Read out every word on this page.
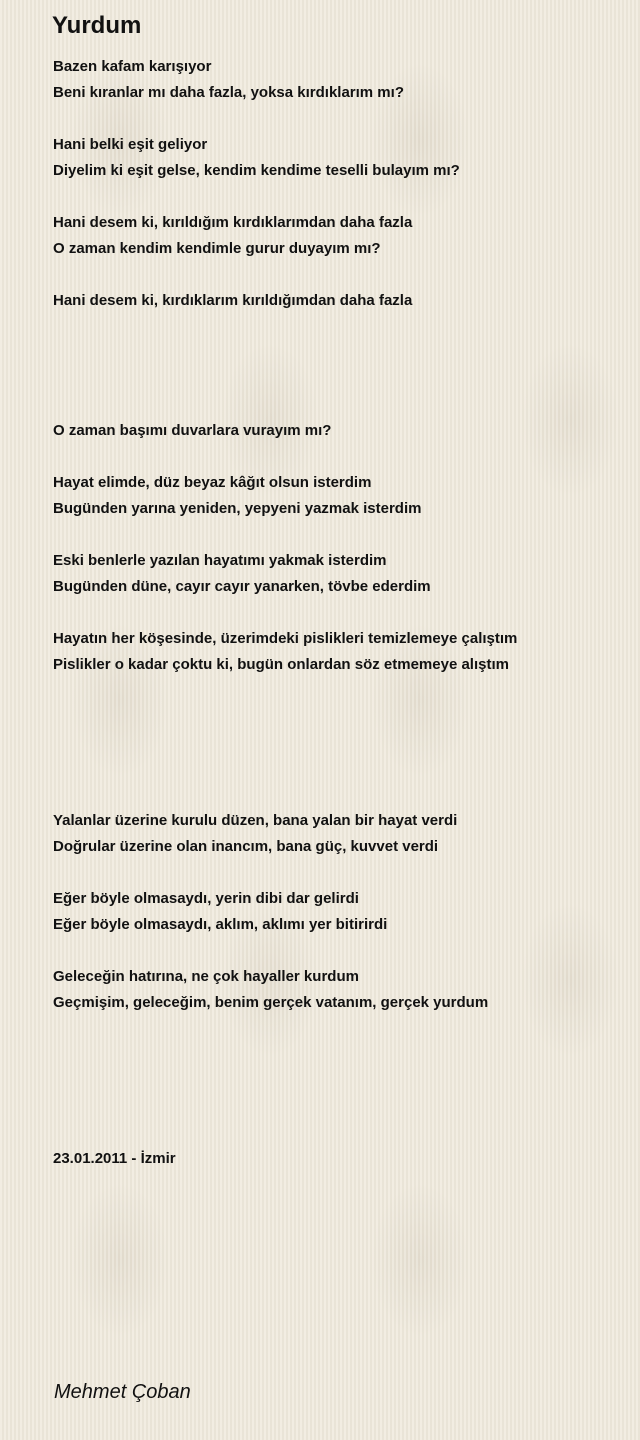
Yurdum
Bazen kafam karışıyor
Beni kıranlar mı daha fazla, yoksa kırdıklarım mı?
Hani belki eşit geliyor
Diyelim ki eşit gelse, kendim kendime teselli bulayım mı?
Hani desem ki, kırıldığım kırdıklarımdan daha fazla
O zaman kendim kendimle gurur duyayım mı?
Hani desem ki, kırdıklarım kırıldığımdan daha fazla
O zaman başımı duvarlara vurayım mı?
Hayat elimde, düz beyaz kâğıt olsun isterdim
Bugünden yarına yeniden, yepyeni yazmak isterdim
Eski benlerle yazılan hayatımı yakmak isterdim
Bugünden düne, cayır cayır yanarken, tövbe ederdim
Hayatın her köşesinde, üzerimdeki pislikleri temizlemeye çalıştım
Pislikler o kadar çoktu ki, bugün onlardan söz etmemeye alıştım
Yalanlar üzerine kurulu düzen, bana yalan bir hayat verdi
Doğrular üzerine olan inancım, bana güç, kuvvet verdi
Eğer böyle olmasaydı, yerin dibi dar gelirdi
Eğer böyle olmasaydı, aklım, aklımı yer bitirirdi
Geleceğin hatırına, ne çok hayaller kurdum
Geçmişim, geleceğim, benim gerçek vatanım, gerçek yurdum
23.01.2011 - İzmir
Mehmet Çoban
